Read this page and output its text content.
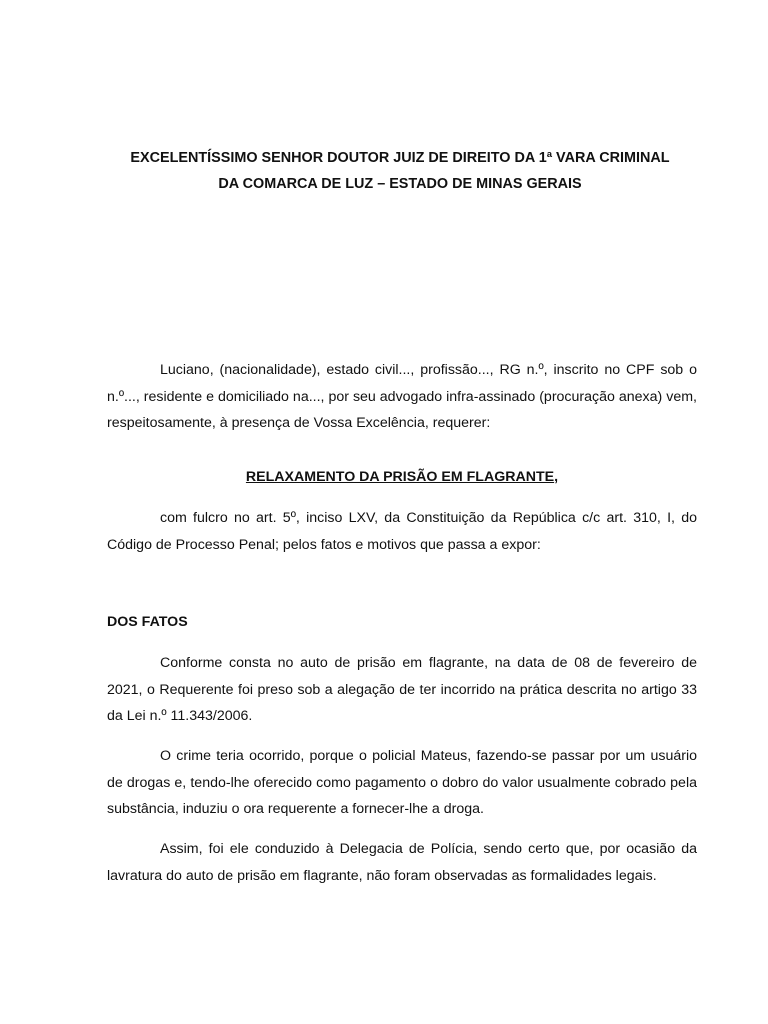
EXCELENTÍSSIMO SENHOR DOUTOR JUIZ DE DIREITO DA 1ª VARA CRIMINAL
DA COMARCA DE LUZ – ESTADO DE MINAS GERAIS

Luciano, (nacionalidade), estado civil..., profissão..., RG n.º, inscrito no CPF sob o n.º..., residente e domiciliado na..., por seu advogado infra-assinado (procuração anexa) vem, respeitosamente, à presença de Vossa Excelência, requerer:

RELAXAMENTO DA PRISÃO EM FLAGRANTE,

com fulcro no art. 5º, inciso LXV, da Constituição da República c/c art. 310, I, do Código de Processo Penal; pelos fatos e motivos que passa a expor:

DOS FATOS

Conforme consta no auto de prisão em flagrante, na data de 08 de fevereiro de 2021, o Requerente foi preso sob a alegação de ter incorrido na prática descrita no artigo 33 da Lei n.º 11.343/2006.

O crime teria ocorrido, porque o policial Mateus, fazendo-se passar por um usuário de drogas e, tendo-lhe oferecido como pagamento o dobro do valor usualmente cobrado pela substância, induziu o ora requerente a fornecer-lhe a droga.

Assim, foi ele conduzido à Delegacia de Polícia, sendo certo que, por ocasião da lavratura do auto de prisão em flagrante, não foram observadas as formalidades legais.
